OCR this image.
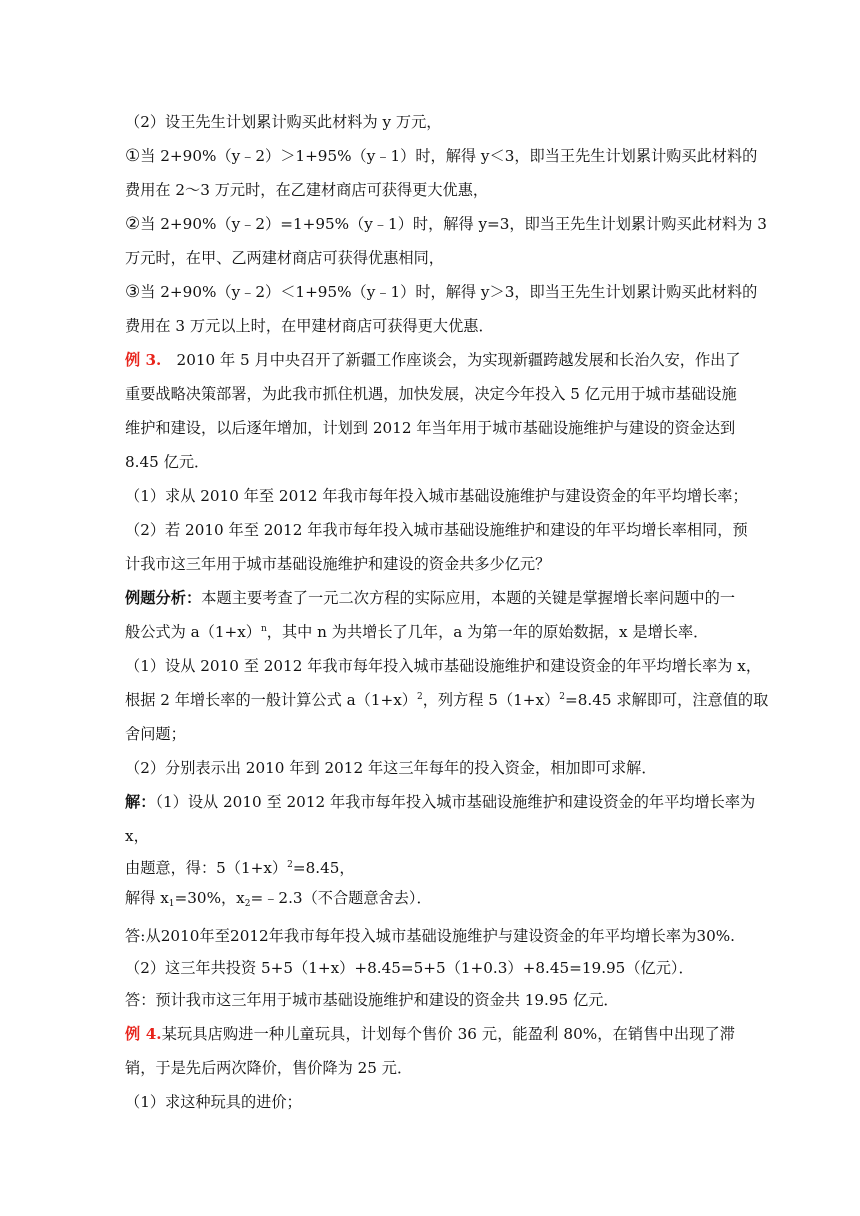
（2）设王先生计划累计购买此材料为 y 万元，

①当 2+90%（y﹣2）＞1+95%（y﹣1）时，解得 y＜3，即当王先生计划累计购买此材料的

费用在 2～3 万元时，在乙建材商店可获得更大优惠，

②当 2+90%（y﹣2）=1+95%（y﹣1）时，解得 y=3，即当王先生计划累计购买此材料为 3

万元时，在甲、乙两建材商店可获得优惠相同，

③当 2+90%（y﹣2）＜1+95%（y﹣1）时，解得 y＞3，即当王先生计划累计购买此材料的

费用在 3 万元以上时，在甲建材商店可获得更大优惠．

例 3.　2010 年 5 月中央召开了新疆工作座谈会，为实现新疆跨越发展和长治久安，作出了

重要战略决策部署，为此我市抓住机遇，加快发展，决定今年投入 5 亿元用于城市基础设施

维护和建设，以后逐年增加，计划到 2012 年当年用于城市基础设施维护与建设的资金达到

8.45 亿元．

（1）求从 2010 年至 2012 年我市每年投入城市基础设施维护与建设资金的年平均增长率；

（2）若 2010 年至 2012 年我市每年投入城市基础设施维护和建设的年平均增长率相同，预

计我市这三年用于城市基础设施维护和建设的资金共多少亿元？

例题分析：本题主要考查了一元二次方程的实际应用，本题的关键是掌握增长率问题中的一

般公式为 $a(1+x)^n$，其中 n 为共增长了几年，a 为第一年的原始数据，x 是增长率．

（1）设从 2010 至 2012 年我市每年投入城市基础设施维护和建设资金的年平均增长率为 x，

根据 2 年增长率的一般计算公式 $a(1+x)^2$，列方程 $5(1+x)^2=8.45$ 求解即可，注意值的取

舍问题；

（2）分别表示出 2010 年到 2012 年这三年每年的投入资金，相加即可求解．

解：（1）设从 2010 至 2012 年我市每年投入城市基础设施维护和建设资金的年平均增长率为

x，

由题意，得：$5(1+x)^2=8.45$，

解得 $x_1=30\%$，$x_2=﹣2.3$（不合题意舍去）．

答:从2010年至2012年我市每年投入城市基础设施维护与建设资金的年平均增长率为30%.

（2）这三年共投资 5+5（1+x）+8.45=5+5（1+0.3）+8.45=19.95（亿元）．

答：预计我市这三年用于城市基础设施维护和建设的资金共 19.95 亿元．

例 4.某玩具店购进一种儿童玩具，计划每个售价 36 元，能盈利 80%，在销售中出现了滞

销，于是先后两次降价，售价降为 25 元．

（1）求这种玩具的进价；
